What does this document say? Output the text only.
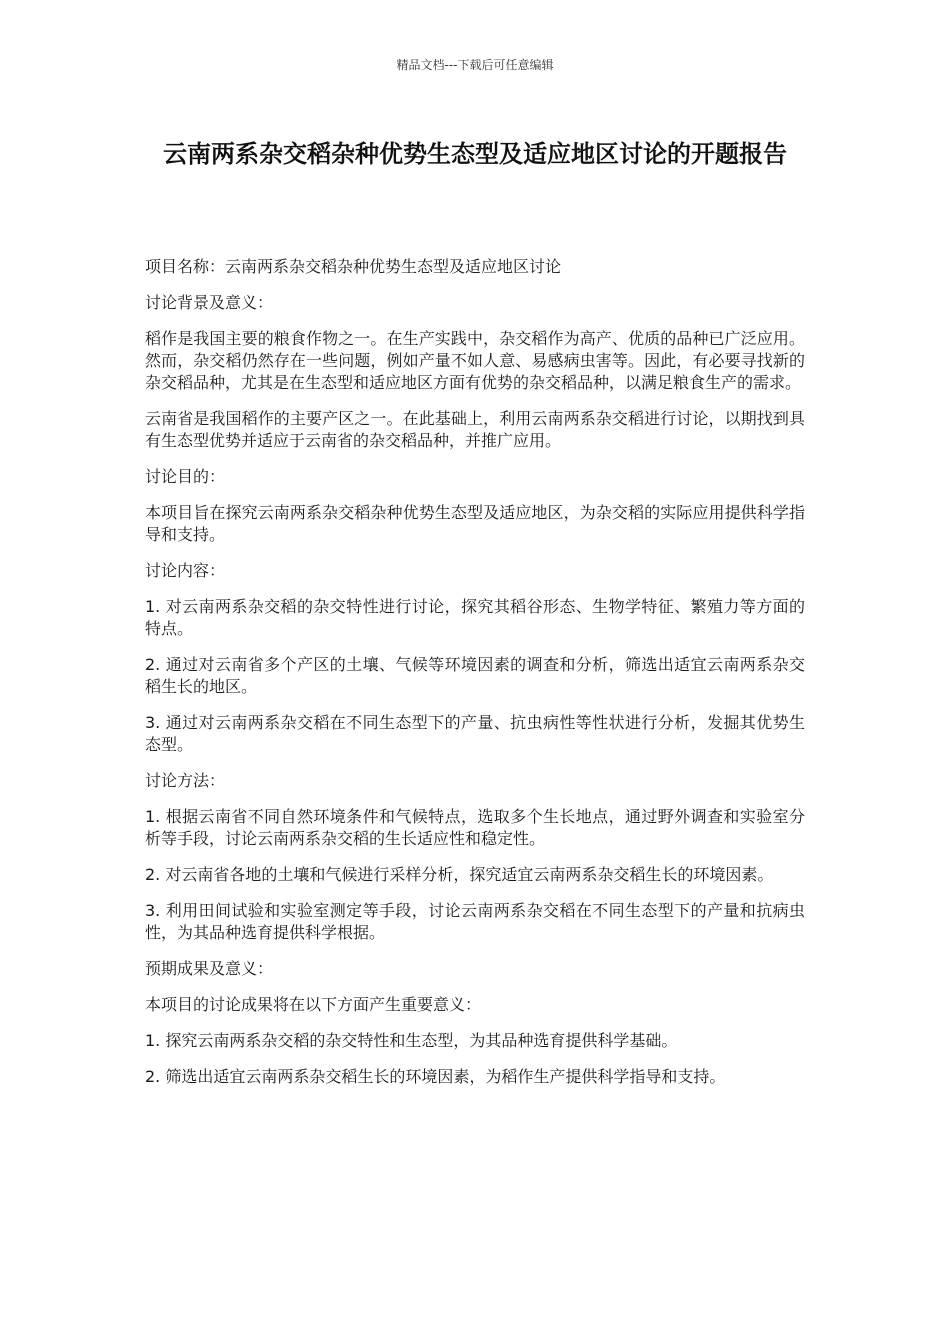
精品文档---下载后可任意编辑
云南两系杂交稻杂种优势生态型及适应地区讨论的开题报告

项目名称：云南两系杂交稻杂种优势生态型及适应地区讨论

讨论背景及意义：

稻作是我国主要的粮食作物之一。在生产实践中，杂交稻作为高产、优质的品种已广泛应用。然而，杂交稻仍然存在一些问题，例如产量不如人意、易感病虫害等。因此，有必要寻找新的杂交稻品种，尤其是在生态型和适应地区方面有优势的杂交稻品种，以满足粮食生产的需求。

云南省是我国稻作的主要产区之一。在此基础上，利用云南两系杂交稻进行讨论，以期找到具有生态型优势并适应于云南省的杂交稻品种，并推广应用。

讨论目的：

本项目旨在探究云南两系杂交稻杂种优势生态型及适应地区，为杂交稻的实际应用提供科学指导和支持。

讨论内容：

1. 对云南两系杂交稻的杂交特性进行讨论，探究其稻谷形态、生物学特征、繁殖力等方面的特点。

2. 通过对云南省多个产区的土壤、气候等环境因素的调查和分析，筛选出适宜云南两系杂交稻生长的地区。

3. 通过对云南两系杂交稻在不同生态型下的产量、抗虫病性等性状进行分析，发掘其优势生态型。

讨论方法：

1. 根据云南省不同自然环境条件和气候特点，选取多个生长地点，通过野外调查和实验室分析等手段，讨论云南两系杂交稻的生长适应性和稳定性。

2. 对云南省各地的土壤和气候进行采样分析，探究适宜云南两系杂交稻生长的环境因素。

3. 利用田间试验和实验室测定等手段，讨论云南两系杂交稻在不同生态型下的产量和抗病虫性，为其品种选育提供科学根据。

预期成果及意义：

本项目的讨论成果将在以下方面产生重要意义：

1. 探究云南两系杂交稻的杂交特性和生态型，为其品种选育提供科学基础。

2. 筛选出适宜云南两系杂交稻生长的环境因素，为稻作生产提供科学指导和支持。
